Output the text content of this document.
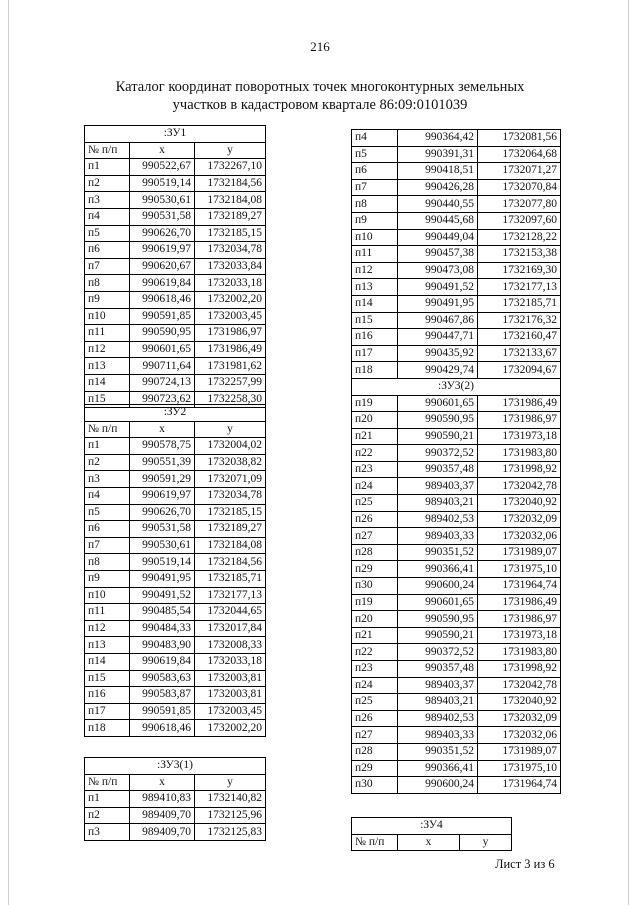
216
Каталог координат поворотных точек многоконтурных земельных
участков в кадастровом квартале 86:09:0101039
:ЗУ1		
№ п/п	x	y
п1	990522,67	1732267,10
п2	990519,14	1732184,56
п3	990530,61	1732184,08
п4	990531,58	1732189,27
п5	990626,70	1732185,15
п6	990619,97	1732034,78
п7	990620,67	1732033,84
п8	990619,84	1732033,18
п9	990618,46	1732002,20
п10	990591,85	1732003,45
п11	990590,95	1731986,97
п12	990601,65	1731986,49
п13	990711,64	1731981,62
п14	990724,13	1732257,99
п15	990723,62	1732258,30
:ЗУ2		
№ п/п	x	y
п1	990578,75	1732004,02
п2	990551,39	1732038,82
п3	990591,29	1732071,09
п4	990619,97	1732034,78
п5	990626,70	1732185,15
п6	990531,58	1732189,27
п7	990530,61	1732184,08
п8	990519,14	1732184,56
п9	990491,95	1732185,71
п10	990491,52	1732177,13
п11	990485,54	1732044,65
п12	990484,33	1732017,84
п13	990483,90	1732008,33
п14	990619,84	1732033,18
п15	990583,63	1732003,81
п16	990583,87	1732003,81
п17	990591,85	1732003,45
п18	990618,46	1732002,20
:ЗУ3(1)		
№ п/п	x	y
п1	989410,83	1732140,82
п2	989409,70	1732125,96
п3	989409,70	1732125,83
п4	990364,42	1732081,56
п5	990391,31	1732064,68
п6	990418,51	1732071,27
п7	990426,28	1732070,84
п8	990440,55	1732077,80
п9	990445,68	1732097,60
п10	990449,04	1732128,22
п11	990457,38	1732153,38
п12	990473,08	1732169,30
п13	990491,52	1732177,13
п14	990491,95	1732185,71
п15	990467,86	1732176,32
п16	990447,71	1732160,47
п17	990435,92	1732133,67
п18	990429,74	1732094,67
:ЗУ3(2)		
п19	990601,65	1731986,49
п20	990590,95	1731986,97
п21	990590,21	1731973,18
п22	990372,52	1731983,80
п23	990357,48	1731998,92
п24	989403,37	1732042,78
п25	989403,21	1732040,92
п26	989402,53	1732032,09
п27	989403,33	1732032,06
п28	990351,52	1731989,07
п29	990366,41	1731975,10
п30	990600,24	1731964,74
п19	990601,65	1731986,49
п20	990590,95	1731986,97
п21	990590,21	1731973,18
п22	990372,52	1731983,80
п23	990357,48	1731998,92
п24	989403,37	1732042,78
п25	989403,21	1732040,92
п26	989402,53	1732032,09
п27	989403,33	1732032,06
п28	990351,52	1731989,07
п29	990366,41	1731975,10
п30	990600,24	1731964,74
:ЗУ4
№ п/п	x	y
Лист 3 из 6
